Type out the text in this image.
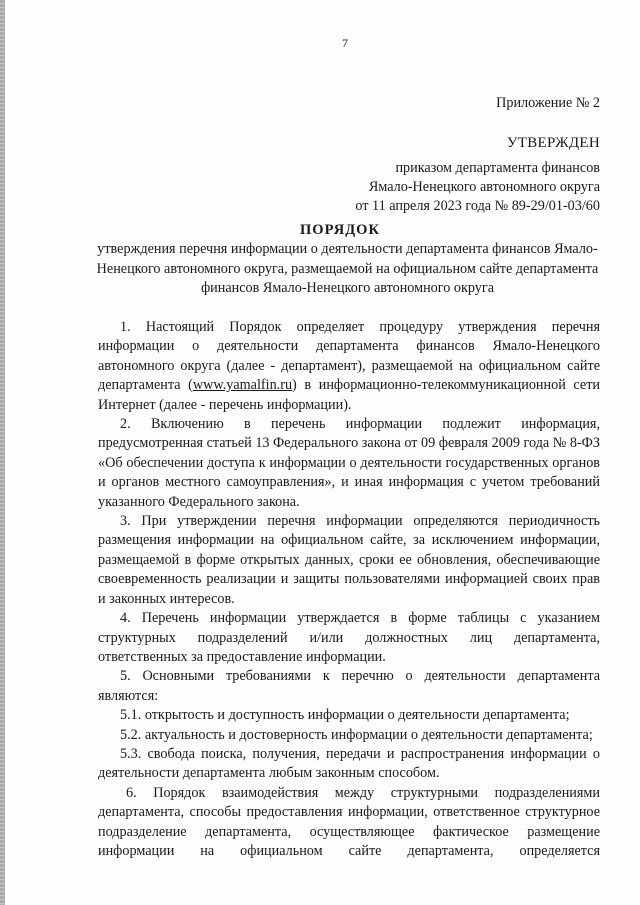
7
Приложение № 2
УТВЕРЖДЕН
приказом департамента финансов
Ямало-Ненецкого автономного округа
от 11 апреля 2023 года № 89-29/01-03/60
ПОРЯДОК
утверждения перечня информации о деятельности департамента финансов Ямало-Ненецкого автономного округа, размещаемой на официальном сайте департамента финансов Ямало-Ненецкого автономного округа

1. Настоящий Порядок определяет процедуру утверждения перечня информации о деятельности департамента финансов Ямало-Ненецкого автономного округа (далее - департамент), размещаемой на официальном сайте департамента (www.yamalfin.ru) в информационно-телекоммуникационной сети Интернет (далее - перечень информации).

2. Включению в перечень информации подлежит информация, предусмотренная статьей 13 Федерального закона от 09 февраля 2009 года № 8-ФЗ «Об обеспечении доступа к информации о деятельности государственных органов и органов местного самоуправления», и иная информация с учетом требований указанного Федерального закона.

3. При утверждении перечня информации определяются периодичность размещения информации на официальном сайте, за исключением информации, размещаемой в форме открытых данных, сроки ее обновления, обеспечивающие своевременность реализации и защиты пользователями информацией своих прав и законных интересов.

4. Перечень информации утверждается в форме таблицы с указанием структурных подразделений и/или должностных лиц департамента, ответственных за предоставление информации.

5. Основными требованиями к перечню о деятельности департамента являются:

5.1. открытость и доступность информации о деятельности департамента;

5.2. актуальность и достоверность информации о деятельности департамента;

5.3. свобода поиска, получения, передачи и распространения информации о деятельности департамента любым законным способом.

6. Порядок взаимодействия между структурными подразделениями департамента, способы предоставления информации, ответственное структурное подразделение департамента, осуществляющее фактическое размещение информации на официальном сайте департамента, определяется
